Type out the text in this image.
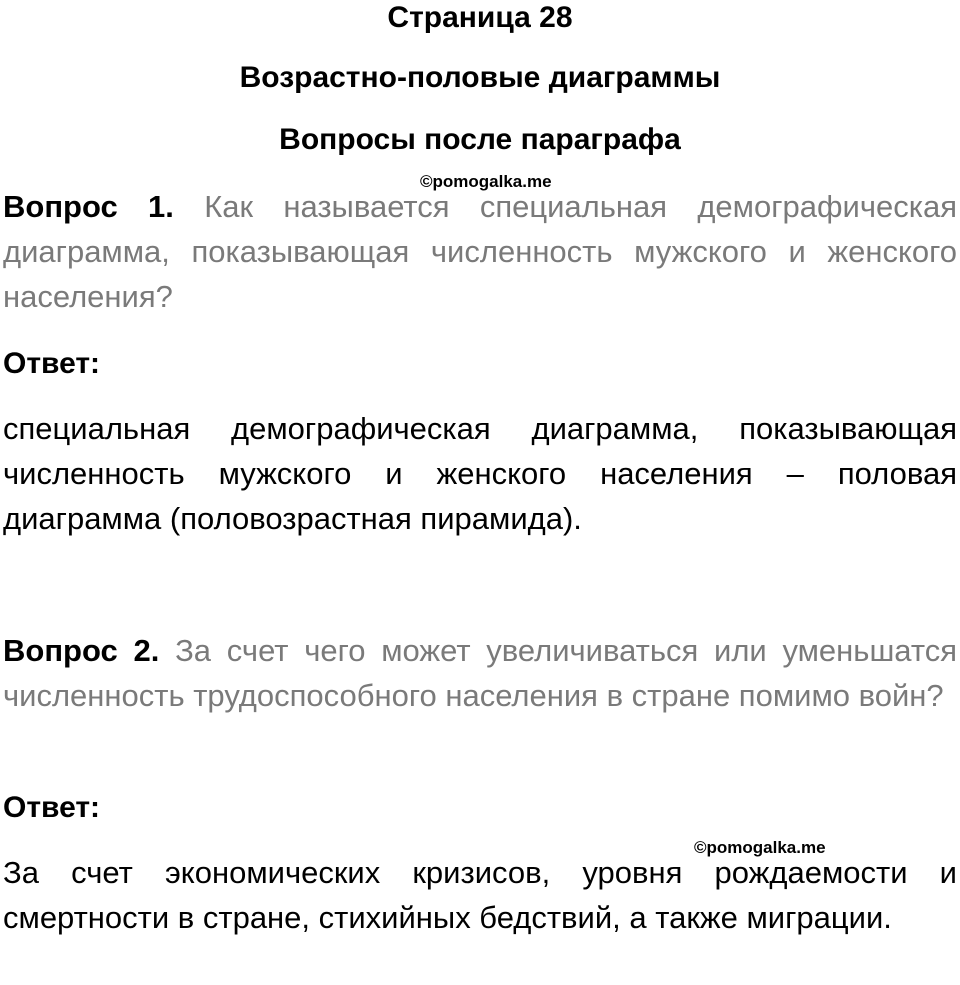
Страница 28
Возрастно-половые диаграммы
Вопросы после параграфа
©pomogalka.me
Вопрос 1. Как называется специальная демографическая диаграмма, показывающая численность мужского и женского населения?
Ответ:
специальная демографическая диаграмма, показывающая численность мужского и женского населения – половая диаграмма (половозрастная пирамида).
Вопрос 2. За счет чего может увеличиваться или уменьшатся численность трудоспособного населения в стране помимо войн?
Ответ:
©pomogalka.me
За счет экономических кризисов, уровня рождаемости и смертности в стране, стихийных бедствий, а также миграции.
